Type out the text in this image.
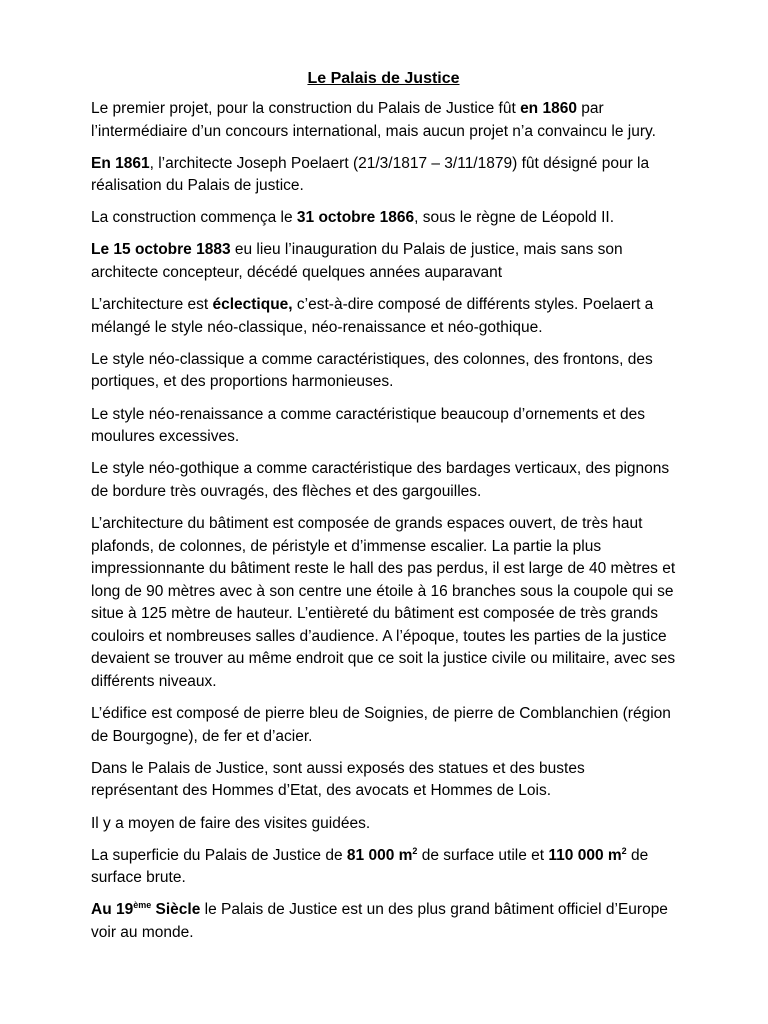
Le Palais de Justice

Le premier projet, pour la construction du Palais de Justice fût en 1860 par l’intermédiaire d’un concours international, mais aucun projet n’a convaincu le jury.

En 1861, l’architecte Joseph Poelaert (21/3/1817 – 3/11/1879) fût désigné pour la réalisation du Palais de justice.

La construction commença le 31 octobre 1866, sous le règne de Léopold II.

Le 15 octobre 1883 eu lieu l’inauguration du Palais de justice, mais sans son architecte concepteur, décédé quelques années auparavant

L’architecture est éclectique, c’est-à-dire composé de différents styles. Poelaert a mélangé le style néo-classique, néo-renaissance et néo-gothique.

Le style néo-classique a comme caractéristiques, des colonnes, des frontons, des portiques, et des proportions harmonieuses.

Le style néo-renaissance a comme caractéristique beaucoup d’ornements et des moulures excessives.

Le style néo-gothique a comme caractéristique des bardages verticaux, des pignons de bordure très ouvragés, des flèches et des gargouilles.

L’architecture du bâtiment est composée de grands espaces ouvert, de très haut plafonds, de colonnes, de péristyle et d’immense escalier. La partie la plus impressionnante du bâtiment reste le hall des pas perdus, il est large de 40 mètres et long de 90 mètres avec à son centre une étoile à 16 branches sous la coupole qui se situe à 125 mètre de hauteur. L’entièreté du bâtiment est composée de très grands couloirs et nombreuses salles d’audience. A l’époque, toutes les parties de la justice devaient se trouver au même endroit que ce soit la justice civile ou militaire, avec ses différents niveaux.

L’édifice est composé de pierre bleu de Soignies, de pierre de Comblanchien (région de Bourgogne), de fer et d’acier.

Dans le Palais de Justice, sont aussi exposés des statues et des bustes représentant des Hommes d’Etat, des avocats et Hommes de Lois.

Il y a moyen de faire des visites guidées.

La superficie du Palais de Justice de 81 000 $m^2$ de surface utile et 110 000 $m^2$ de surface brute.

Au 19ème Siècle le Palais de Justice est un des plus grand bâtiment officiel d’Europe voir au monde.
